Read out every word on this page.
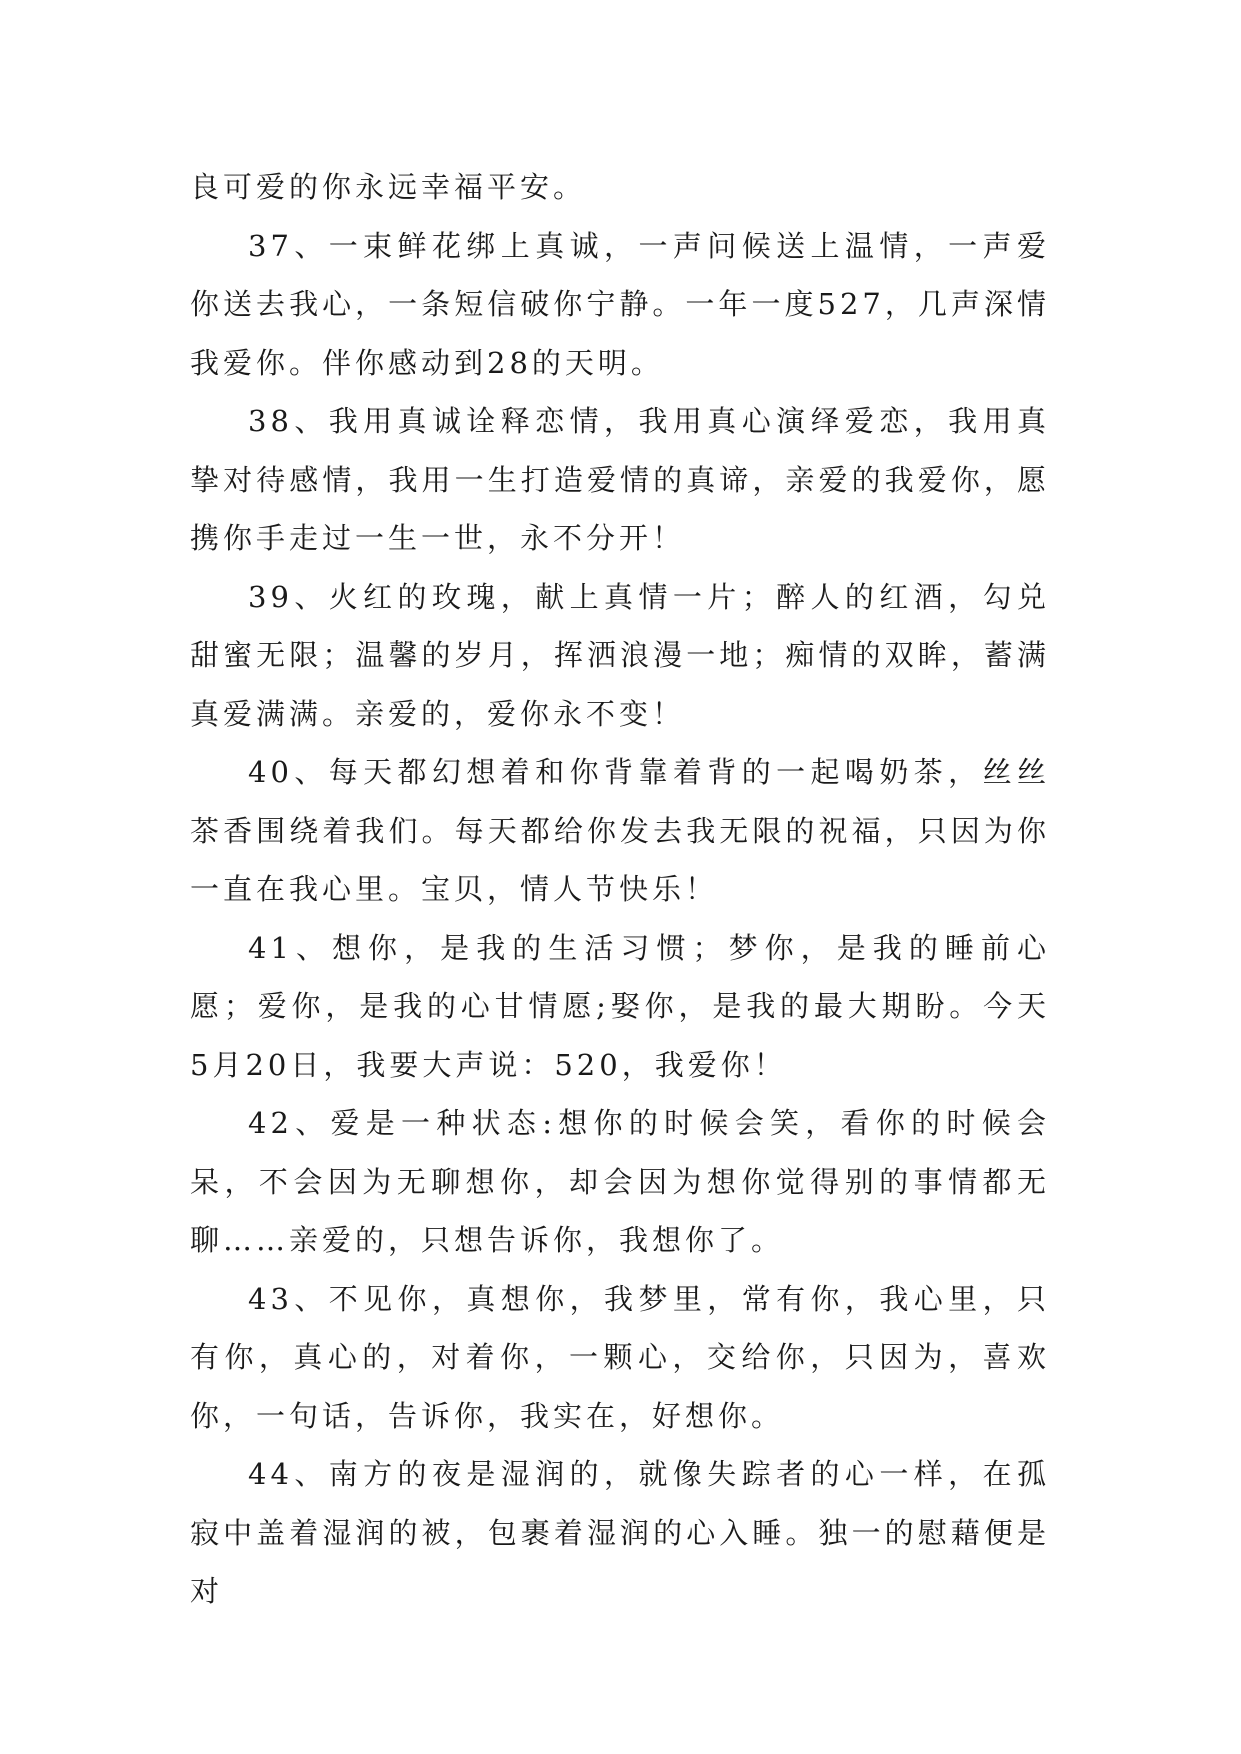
良可爱的你永远幸福平安。

37、一束鲜花绑上真诚，一声问候送上温情，一声爱你送去我心，一条短信破你宁静。一年一度527，几声深情我爱你。伴你感动到28的天明。

38、我用真诚诠释恋情，我用真心演绎爱恋，我用真挚对待感情，我用一生打造爱情的真谛，亲爱的我爱你，愿携你手走过一生一世，永不分开！

39、火红的玫瑰，献上真情一片；醉人的红酒，勾兑甜蜜无限；温馨的岁月，挥洒浪漫一地；痴情的双眸，蓄满真爱满满。亲爱的，爱你永不变！

40、每天都幻想着和你背靠着背的一起喝奶茶，丝丝茶香围绕着我们。每天都给你发去我无限的祝福，只因为你一直在我心里。宝贝，情人节快乐！

41、想你，是我的生活习惯；梦你，是我的睡前心愿；爱你，是我的心甘情愿;娶你，是我的最大期盼。今天5月20日，我要大声说：520，我爱你！

42、爱是一种状态:想你的时候会笑，看你的时候会呆，不会因为无聊想你，却会因为想你觉得别的事情都无聊……亲爱的，只想告诉你，我想你了。

43、不见你，真想你，我梦里，常有你，我心里，只有你，真心的，对着你，一颗心，交给你，只因为，喜欢你，一句话，告诉你，我实在，好想你。

44、南方的夜是湿润的，就像失踪者的心一样，在孤寂中盖着湿润的被，包裹着湿润的心入睡。独一的慰藉便是对
